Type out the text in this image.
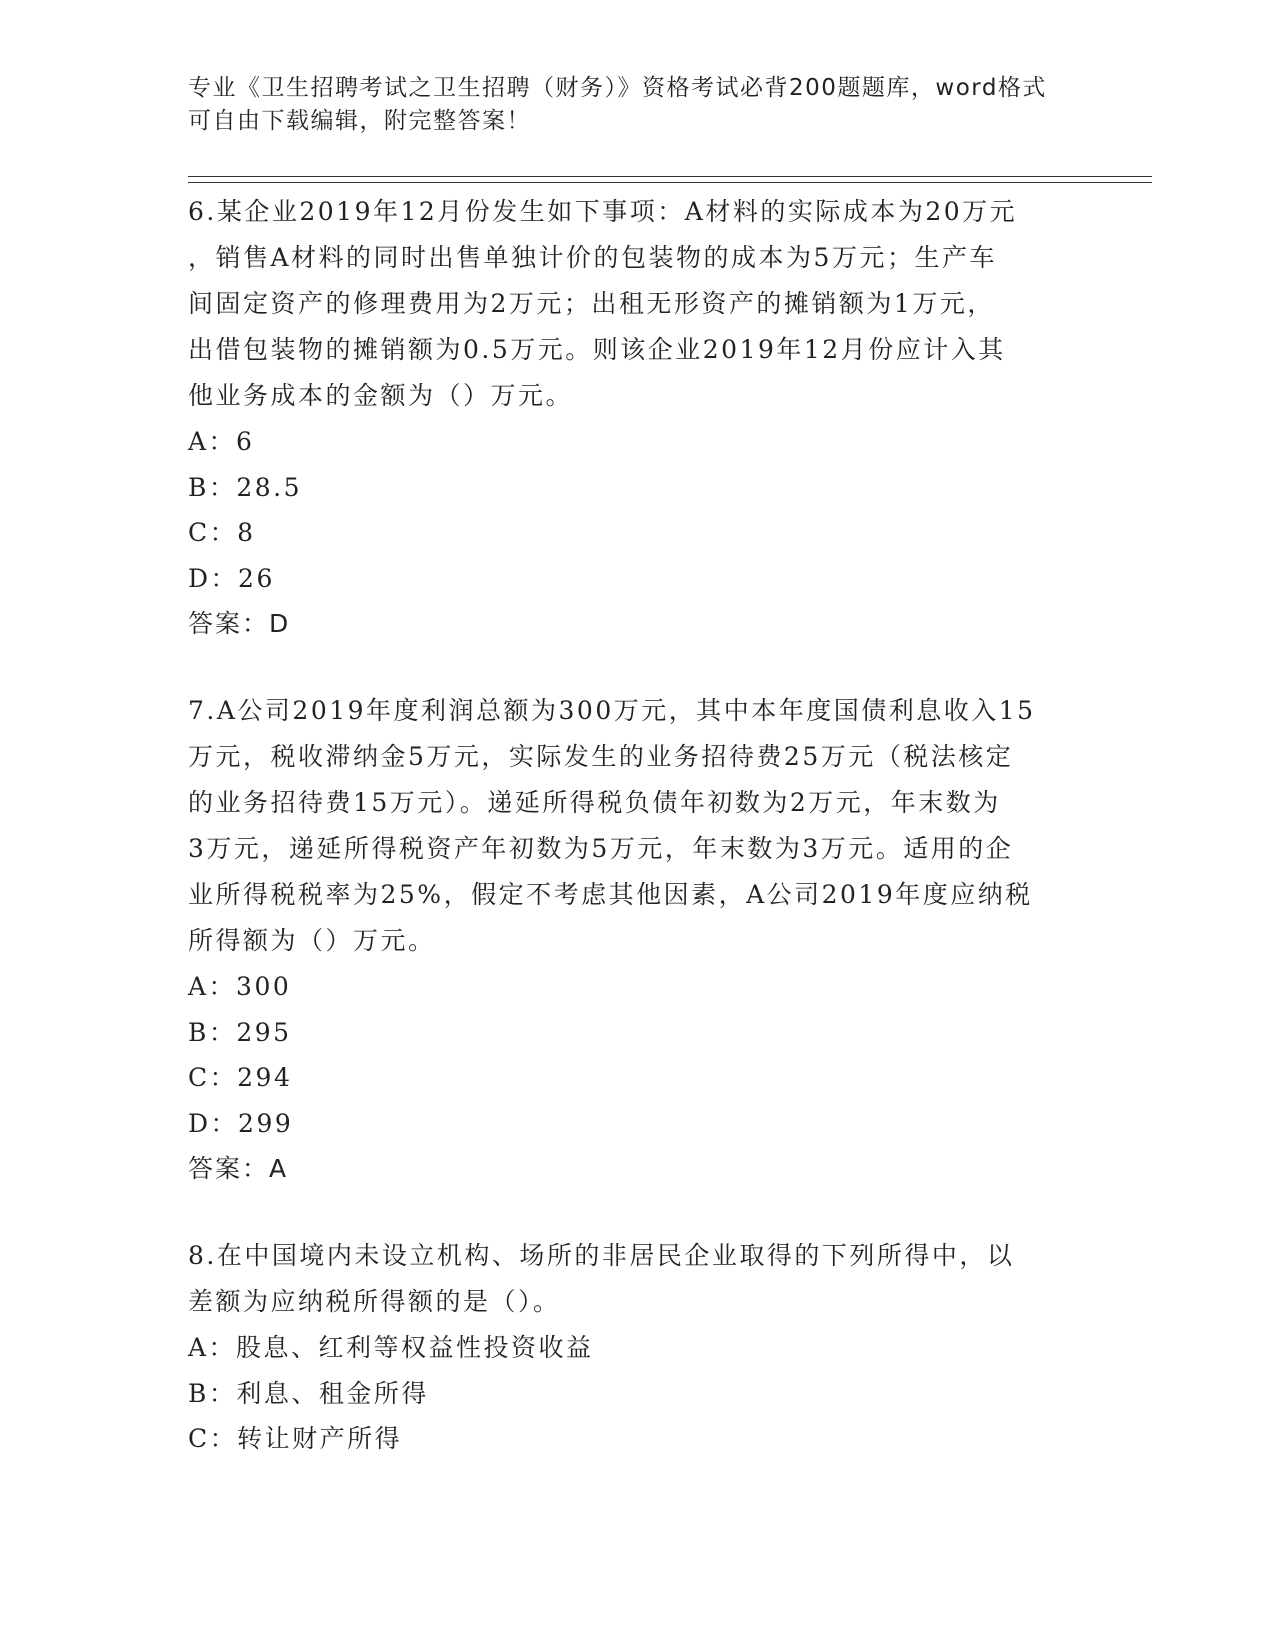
专业《卫生招聘考试之卫生招聘（财务）》资格考试必背200题题库，word格式

可自由下载编辑，附完整答案！

6.某企业2019年12月份发生如下事项：A材料的实际成本为20万元
，销售A材料的同时出售单独计价的包装物的成本为5万元；生产车
间固定资产的修理费用为2万元；出租无形资产的摊销额为1万元，
出借包装物的摊销额为0.5万元。则该企业2019年12月份应计入其
他业务成本的金额为（）万元。

A：6

B：28.5

C：8

D：26

答案：D

7.A公司2019年度利润总额为300万元，其中本年度国债利息收入15
万元，税收滞纳金5万元，实际发生的业务招待费25万元（税法核定
的业务招待费15万元）。递延所得税负债年初数为2万元，年末数为
3万元，递延所得税资产年初数为5万元，年末数为3万元。适用的企
业所得税税率为25%，假定不考虑其他因素，A公司2019年度应纳税
所得额为（）万元。

A：300

B：295

C：294

D：299

答案：A

8.在中国境内未设立机构、场所的非居民企业取得的下列所得中，以
差额为应纳税所得额的是（）。

A：股息、红利等权益性投资收益

B：利息、租金所得

C：转让财产所得
